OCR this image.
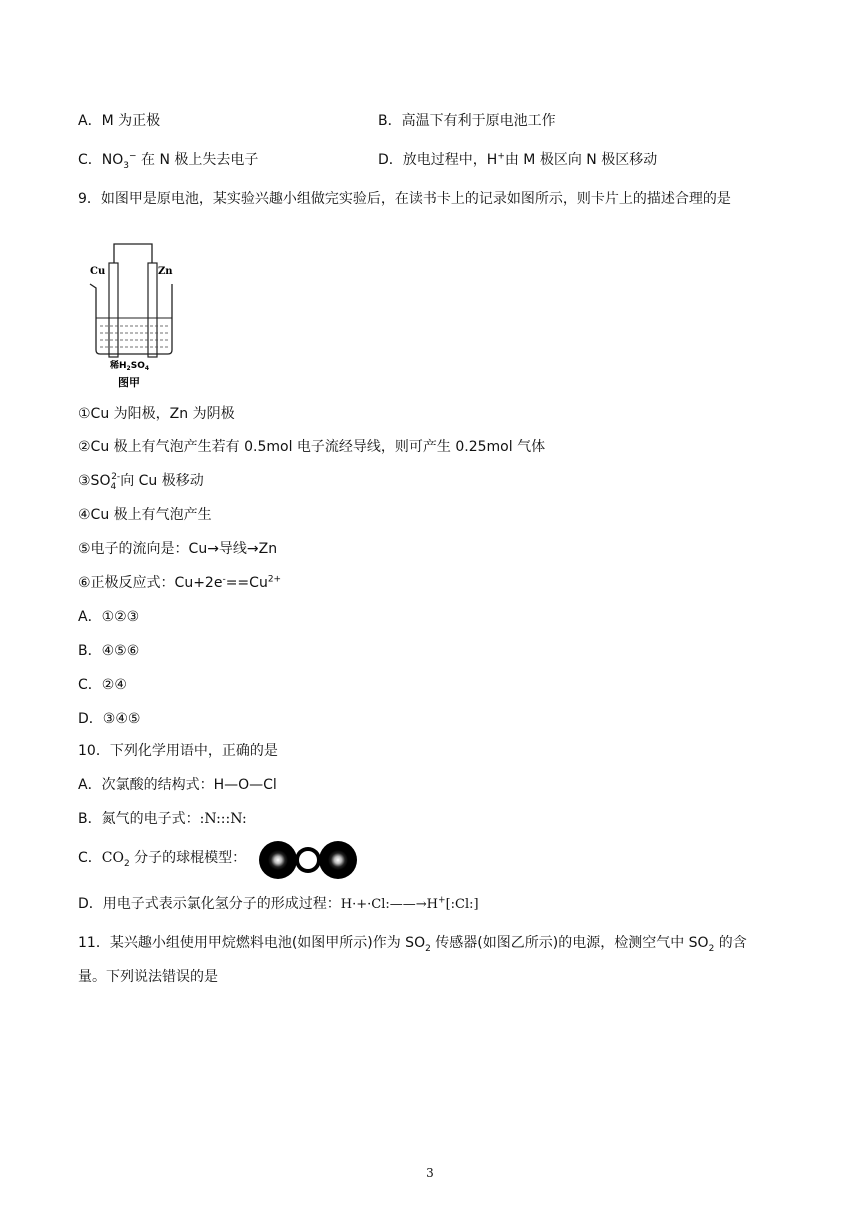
A．M 为正极	B．高温下有利于原电池工作
C．$NO_3^-$ 在 N 极上失去电子	D．放电过程中，H+由 M 极区向 N 极区移动
9．如图甲是原电池，某实验兴趣小组做完实验后，在读书卡上的记录如图所示，则卡片上的描述合理的是
Cu	Zn
稀$H_2SO_4$
图甲
①Cu 为阳极，Zn 为阴极
②Cu 极上有气泡产生若有 0.5mol 电子流经导线，则可产生 0.25mol 气体
$③SO_4^{2-}$向 Cu 极移动
④Cu 极上有气泡产生
⑤电子的流向是：Cu→导线→Zn
⑥正极反应式：$Cu+2e^-==Cu^{2+}$
A．①②③
B．④⑤⑥
C．②④
D．③④⑤
10．下列化学用语中，正确的是
A．次氯酸的结构式：H—O—Cl
B．氮气的电子式：:N:::N:
C．$CO_2$ 分子的球棍模型：
D．用电子式表示氯化氢分子的形成过程：H·+·Cl:——→H+[:Cl:]
11．某兴趣小组使用甲烷燃料电池(如图甲所示)作为 $SO_2$ 传感器(如图乙所示)的电源，检测空气中 $SO_2$ 的含
量。下列说法错误的是
3
